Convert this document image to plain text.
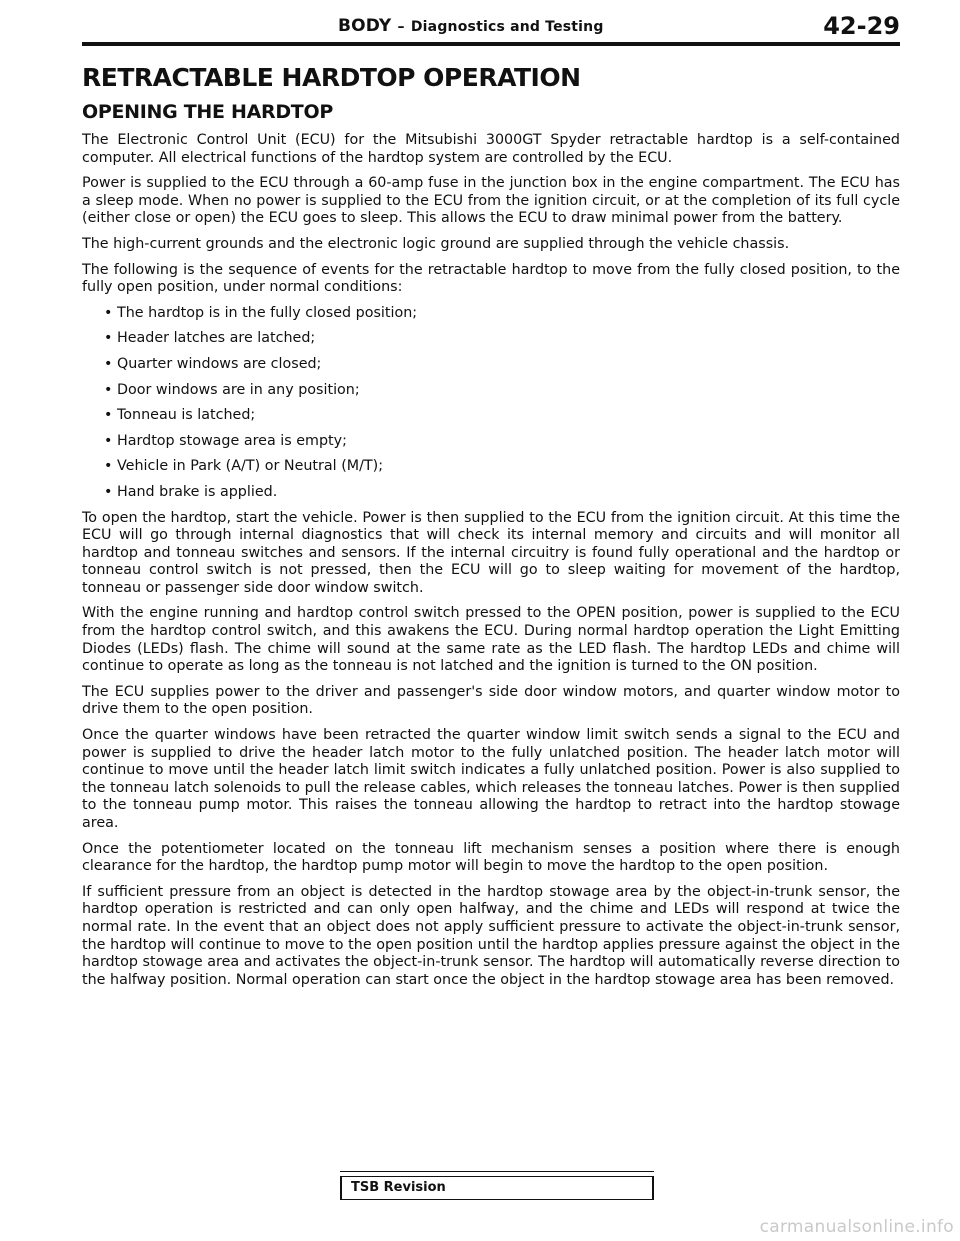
BODY – Diagnostics and Testing	42-29
RETRACTABLE HARDTOP OPERATION
OPENING THE HARDTOP

The Electronic Control Unit (ECU) for the Mitsubishi 3000GT Spyder retractable hardtop is a self-contained computer. All electrical functions of the hardtop system are controlled by the ECU.

Power is supplied to the ECU through a 60-amp fuse in the junction box in the engine compartment. The ECU has a sleep mode. When no power is supplied to the ECU from the ignition circuit, or at the completion of its full cycle (either close or open) the ECU goes to sleep. This allows the ECU to draw minimal power from the battery.

The high-current grounds and the electronic logic ground are supplied through the vehicle chassis.

The following is the sequence of events for the retractable hardtop to move from the fully closed position, to the fully open position, under normal conditions:

• The hardtop is in the fully closed position;
• Header latches are latched;
• Quarter windows are closed;
• Door windows are in any position;
• Tonneau is latched;
• Hardtop stowage area is empty;
• Vehicle in Park (A/T) or Neutral (M/T);
• Hand brake is applied.

To open the hardtop, start the vehicle. Power is then supplied to the ECU from the ignition circuit. At this time the ECU will go through internal diagnostics that will check its internal memory and circuits and will monitor all hardtop and tonneau switches and sensors. If the internal circuitry is found fully operational and the hardtop or tonneau control switch is not pressed, then the ECU will go to sleep waiting for movement of the hardtop, tonneau or passenger side door window switch.

With the engine running and hardtop control switch pressed to the OPEN position, power is supplied to the ECU from the hardtop control switch, and this awakens the ECU. During normal hardtop operation the Light Emitting Diodes (LEDs) flash. The chime will sound at the same rate as the LED flash. The hardtop LEDs and chime will continue to operate as long as the tonneau is not latched and the ignition is turned to the ON position.

The ECU supplies power to the driver and passenger's side door window motors, and quarter window motor to drive them to the open position.

Once the quarter windows have been retracted the quarter window limit switch sends a signal to the ECU and power is supplied to drive the header latch motor to the fully unlatched position. The header latch motor will continue to move until the header latch limit switch indicates a fully unlatched position. Power is also supplied to the tonneau latch solenoids to pull the release cables, which releases the tonneau latches. Power is then supplied to the tonneau pump motor. This raises the tonneau allowing the hardtop to retract into the hardtop stowage area.

Once the potentiometer located on the tonneau lift mechanism senses a position where there is enough clearance for the hardtop, the hardtop pump motor will begin to move the hardtop to the open position.

If sufficient pressure from an object is detected in the hardtop stowage area by the object-in-trunk sensor, the hardtop operation is restricted and can only open halfway, and the chime and LEDs will respond at twice the normal rate. In the event that an object does not apply sufficient pressure to activate the object-in-trunk sensor, the hardtop will continue to move to the open position until the hardtop applies pressure against the object in the hardtop stowage area and activates the object-in-trunk sensor. The hardtop will automatically reverse direction to the halfway position. Normal operation can start once the object in the hardtop stowage area has been removed.

TSB Revision
carmanualsonline.info
